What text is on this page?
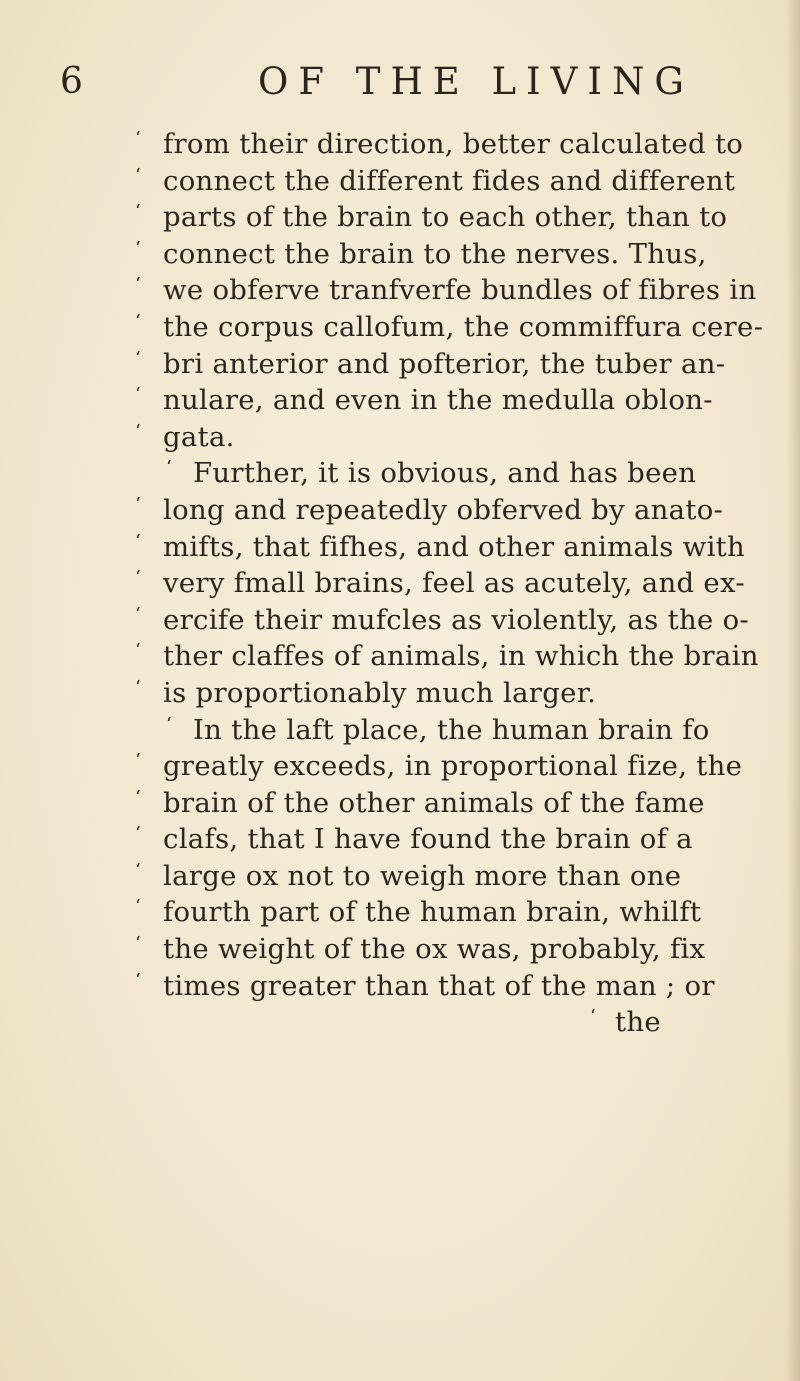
6	OF THE LIVING
‘ from their direction, better calculated to
‘ connect the different fides and different
‘ parts of the brain to each other, than to
‘ connect the brain to the nerves. Thus,
‘ we obferve tranfverfe bundles of fibres in
‘ the corpus callofum, the commiffura cere-
‘ bri anterior and pofterior, the tuber an-
‘ nulare, and even in the medulla oblon-
‘ gata.
‘ Further, it is obvious, and has been
‘ long and repeatedly obferved by anato-
‘ mifts, that fifhes, and other animals with
‘ very fmall brains, feel as acutely, and ex-
‘ ercife their mufcles as violently, as the o-
‘ ther claffes of animals, in which the brain
‘ is proportionably much larger.
‘ In the laft place, the human brain fo
‘ greatly exceeds, in proportional fize, the
‘ brain of the other animals of the fame
‘ clafs, that I have found the brain of a
‘ large ox not to weigh more than one
‘ fourth part of the human brain, whilft
‘ the weight of the ox was, probably, fix
‘ times greater than that of the man ; or
‘ the
